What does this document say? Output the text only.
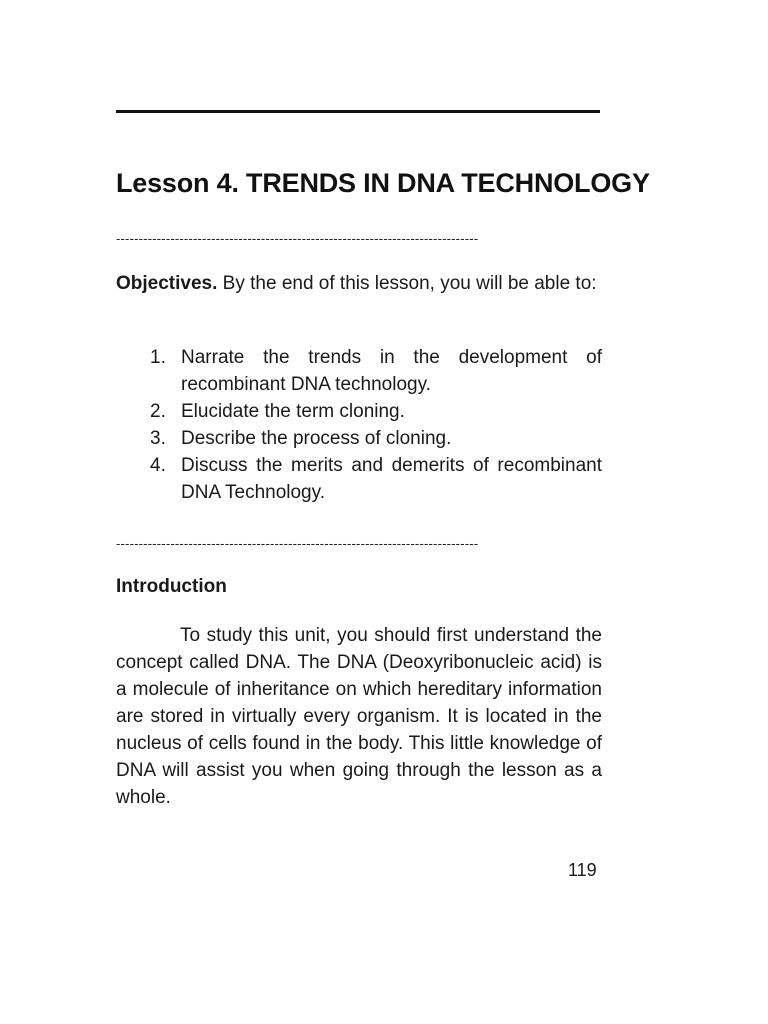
Lesson 4. TRENDS IN DNA TECHNOLOGY
--------------------------------------------------------------------------------
Objectives. By the end of this lesson, you will be able to:
1. Narrate the trends in the development of recombinant DNA technology.
2. Elucidate the term cloning.
3. Describe the process of cloning.
4. Discuss the merits and demerits of recombinant DNA Technology.
--------------------------------------------------------------------------------
Introduction

To study this unit, you should first understand the concept called DNA. The DNA (Deoxyribonucleic acid) is a molecule of inheritance on which hereditary information are stored in virtually every organism. It is located in the nucleus of cells found in the body. This little knowledge of DNA will assist you when going through the lesson as a whole.

119
